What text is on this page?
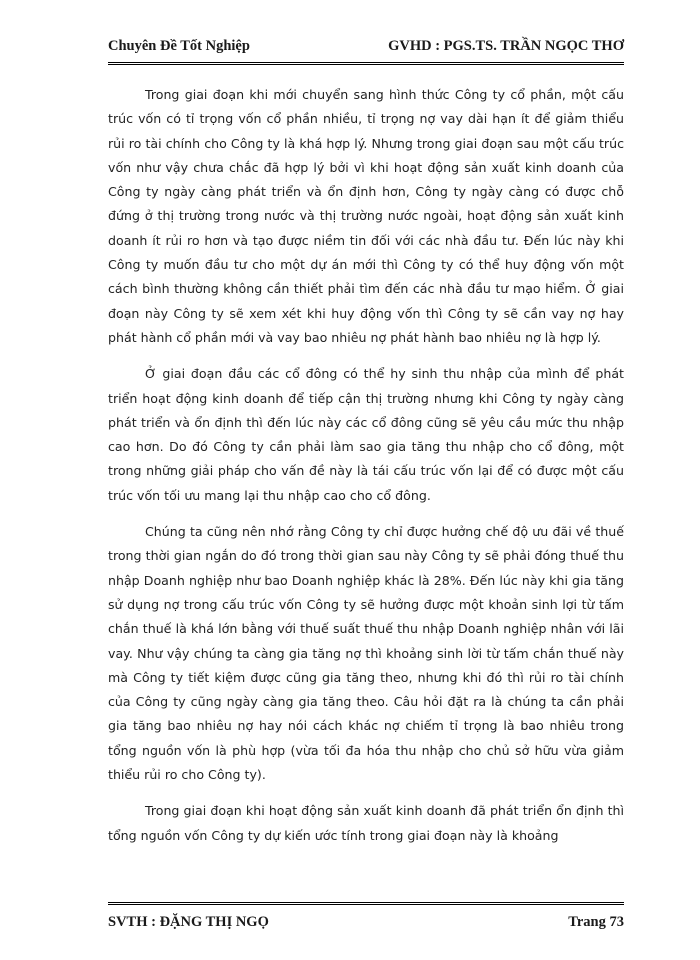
Chuyên Đề Tốt Nghiệp	GVHD : PGS.TS. TRẦN NGỌC THƠ

Trong giai đoạn khi mới chuyển sang hình thức Công ty cổ phần, một cấu trúc vốn có tỉ trọng vốn cổ phần nhiều, tỉ trọng nợ vay dài hạn ít để giảm thiểu rủi ro tài chính cho Công ty là khá hợp lý. Nhưng trong giai đoạn sau một cấu trúc vốn như vậy chưa chắc đã hợp lý bởi vì khi hoạt động sản xuất kinh doanh của Công ty ngày càng phát triển và ổn định hơn, Công ty ngày càng có được chỗ đứng ở thị trường trong nước và thị trường nước ngoài, hoạt động sản xuất kinh doanh ít rủi ro hơn và tạo được niềm tin đối với các nhà đầu tư. Đến lúc này khi Công ty muốn đầu tư cho một dự án mới thì Công ty có thể huy động vốn một cách bình thường không cần thiết phải tìm đến các nhà đầu tư mạo hiểm. Ở giai đoạn này Công ty sẽ xem xét khi huy động vốn thì Công ty sẽ cần vay nợ hay phát hành cổ phần mới và vay bao nhiêu nợ phát hành bao nhiêu nợ là hợp lý.

Ở giai đoạn đầu các cổ đông có thể hy sinh thu nhập của mình để phát triển hoạt động kinh doanh để tiếp cận thị trường nhưng khi Công ty ngày càng phát triển và ổn định thì đến lúc này các cổ đông cũng sẽ yêu cầu mức thu nhập cao hơn. Do đó Công ty cần phải làm sao gia tăng thu nhập cho cổ đông, một trong những giải pháp cho vấn đề này là tái cấu trúc vốn lại để có được một cấu trúc vốn tối ưu mang lại thu nhập cao cho cổ đông.

Chúng ta cũng nên nhớ rằng Công ty chỉ được hưởng chế độ ưu đãi về thuế trong thời gian ngắn do đó trong thời gian sau này Công ty sẽ phải đóng thuế thu nhập Doanh nghiệp như bao Doanh nghiệp khác là 28%. Đến lúc này khi gia tăng sử dụng nợ trong cấu trúc vốn Công ty sẽ hưởng được một khoản sinh lợi từ tấm chắn thuế là khá lớn bằng với thuế suất thuế thu nhập Doanh nghiệp nhân với lãi vay. Như vậy chúng ta càng gia tăng nợ thì khoảng sinh lời từ tấm chắn thuế này mà Công ty tiết kiệm được cũng gia tăng theo, nhưng khi đó thì rủi ro tài chính của Công ty cũng ngày càng gia tăng theo. Câu hỏi đặt ra là chúng ta cần phải gia tăng bao nhiêu nợ hay nói cách khác nợ chiếm tỉ trọng là bao nhiêu trong tổng nguồn vốn là phù hợp (vừa tối đa hóa thu nhập cho chủ sở hữu vừa giảm thiểu rủi ro cho Công ty).

Trong giai đoạn khi hoạt động sản xuất kinh doanh đã phát triển ổn định thì tổng nguồn vốn Công ty dự kiến ước tính trong giai đoạn này là khoảng

SVTH : ĐẶNG THỊ NGỌ	Trang 73
